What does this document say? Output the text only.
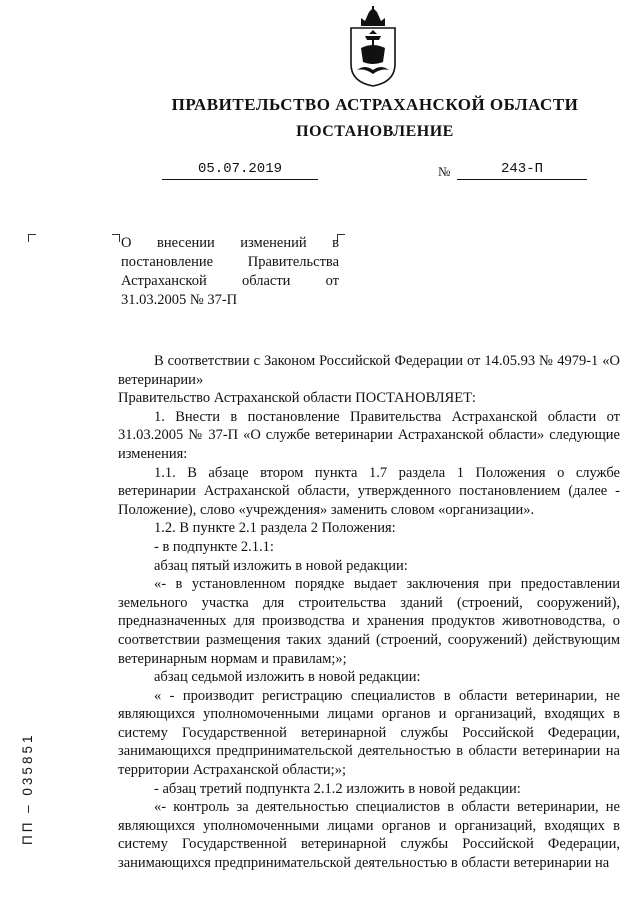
ПРАВИТЕЛЬСТВО АСТРАХАНСКОЙ ОБЛАСТИ
ПОСТАНОВЛЕНИЕ
05.07.2019	№	243-П
О внесении изменений в постановление Правительства Астраханской области от 31.03.2005 № 37-П

В соответствии с Законом Российской Федерации от 14.05.93 № 4979-1 «О ветеринарии»

Правительство Астраханской области ПОСТАНОВЛЯЕТ:

1. Внести в постановление Правительства Астраханской области от 31.03.2005 № 37-П «О службе ветеринарии Астраханской области» следующие изменения:

1.1. В абзаце втором пункта 1.7 раздела 1 Положения о службе ветеринарии Астраханской области, утвержденного постановлением (далее - Положение), слово «учреждения» заменить словом «организации».

1.2. В пункте 2.1 раздела 2 Положения:

- в подпункте 2.1.1:

абзац пятый изложить в новой редакции:

«- в установленном порядке выдает заключения при предоставлении земельного участка для строительства зданий (строений, сооружений), предназначенных для производства и хранения продуктов животноводства, о соответствии размещения таких зданий (строений, сооружений) действующим ветеринарным нормам и правилам;»;

абзац седьмой изложить в новой редакции:

« - производит регистрацию специалистов в области ветеринарии, не являющихся уполномоченными лицами органов и организаций, входящих в систему Государственной ветеринарной службы Российской Федерации, занимающихся предпринимательской деятельностью в области ветеринарии на территории Астраханской области;»;

- абзац третий подпункта 2.1.2 изложить в новой редакции:

«- контроль за деятельностью специалистов в области ветеринарии, не являющихся уполномоченными лицами органов и организаций, входящих в систему Государственной ветеринарной службы Российской Федерации, занимающихся предпринимательской деятельностью в области ветеринарии на

ПП – 035851
